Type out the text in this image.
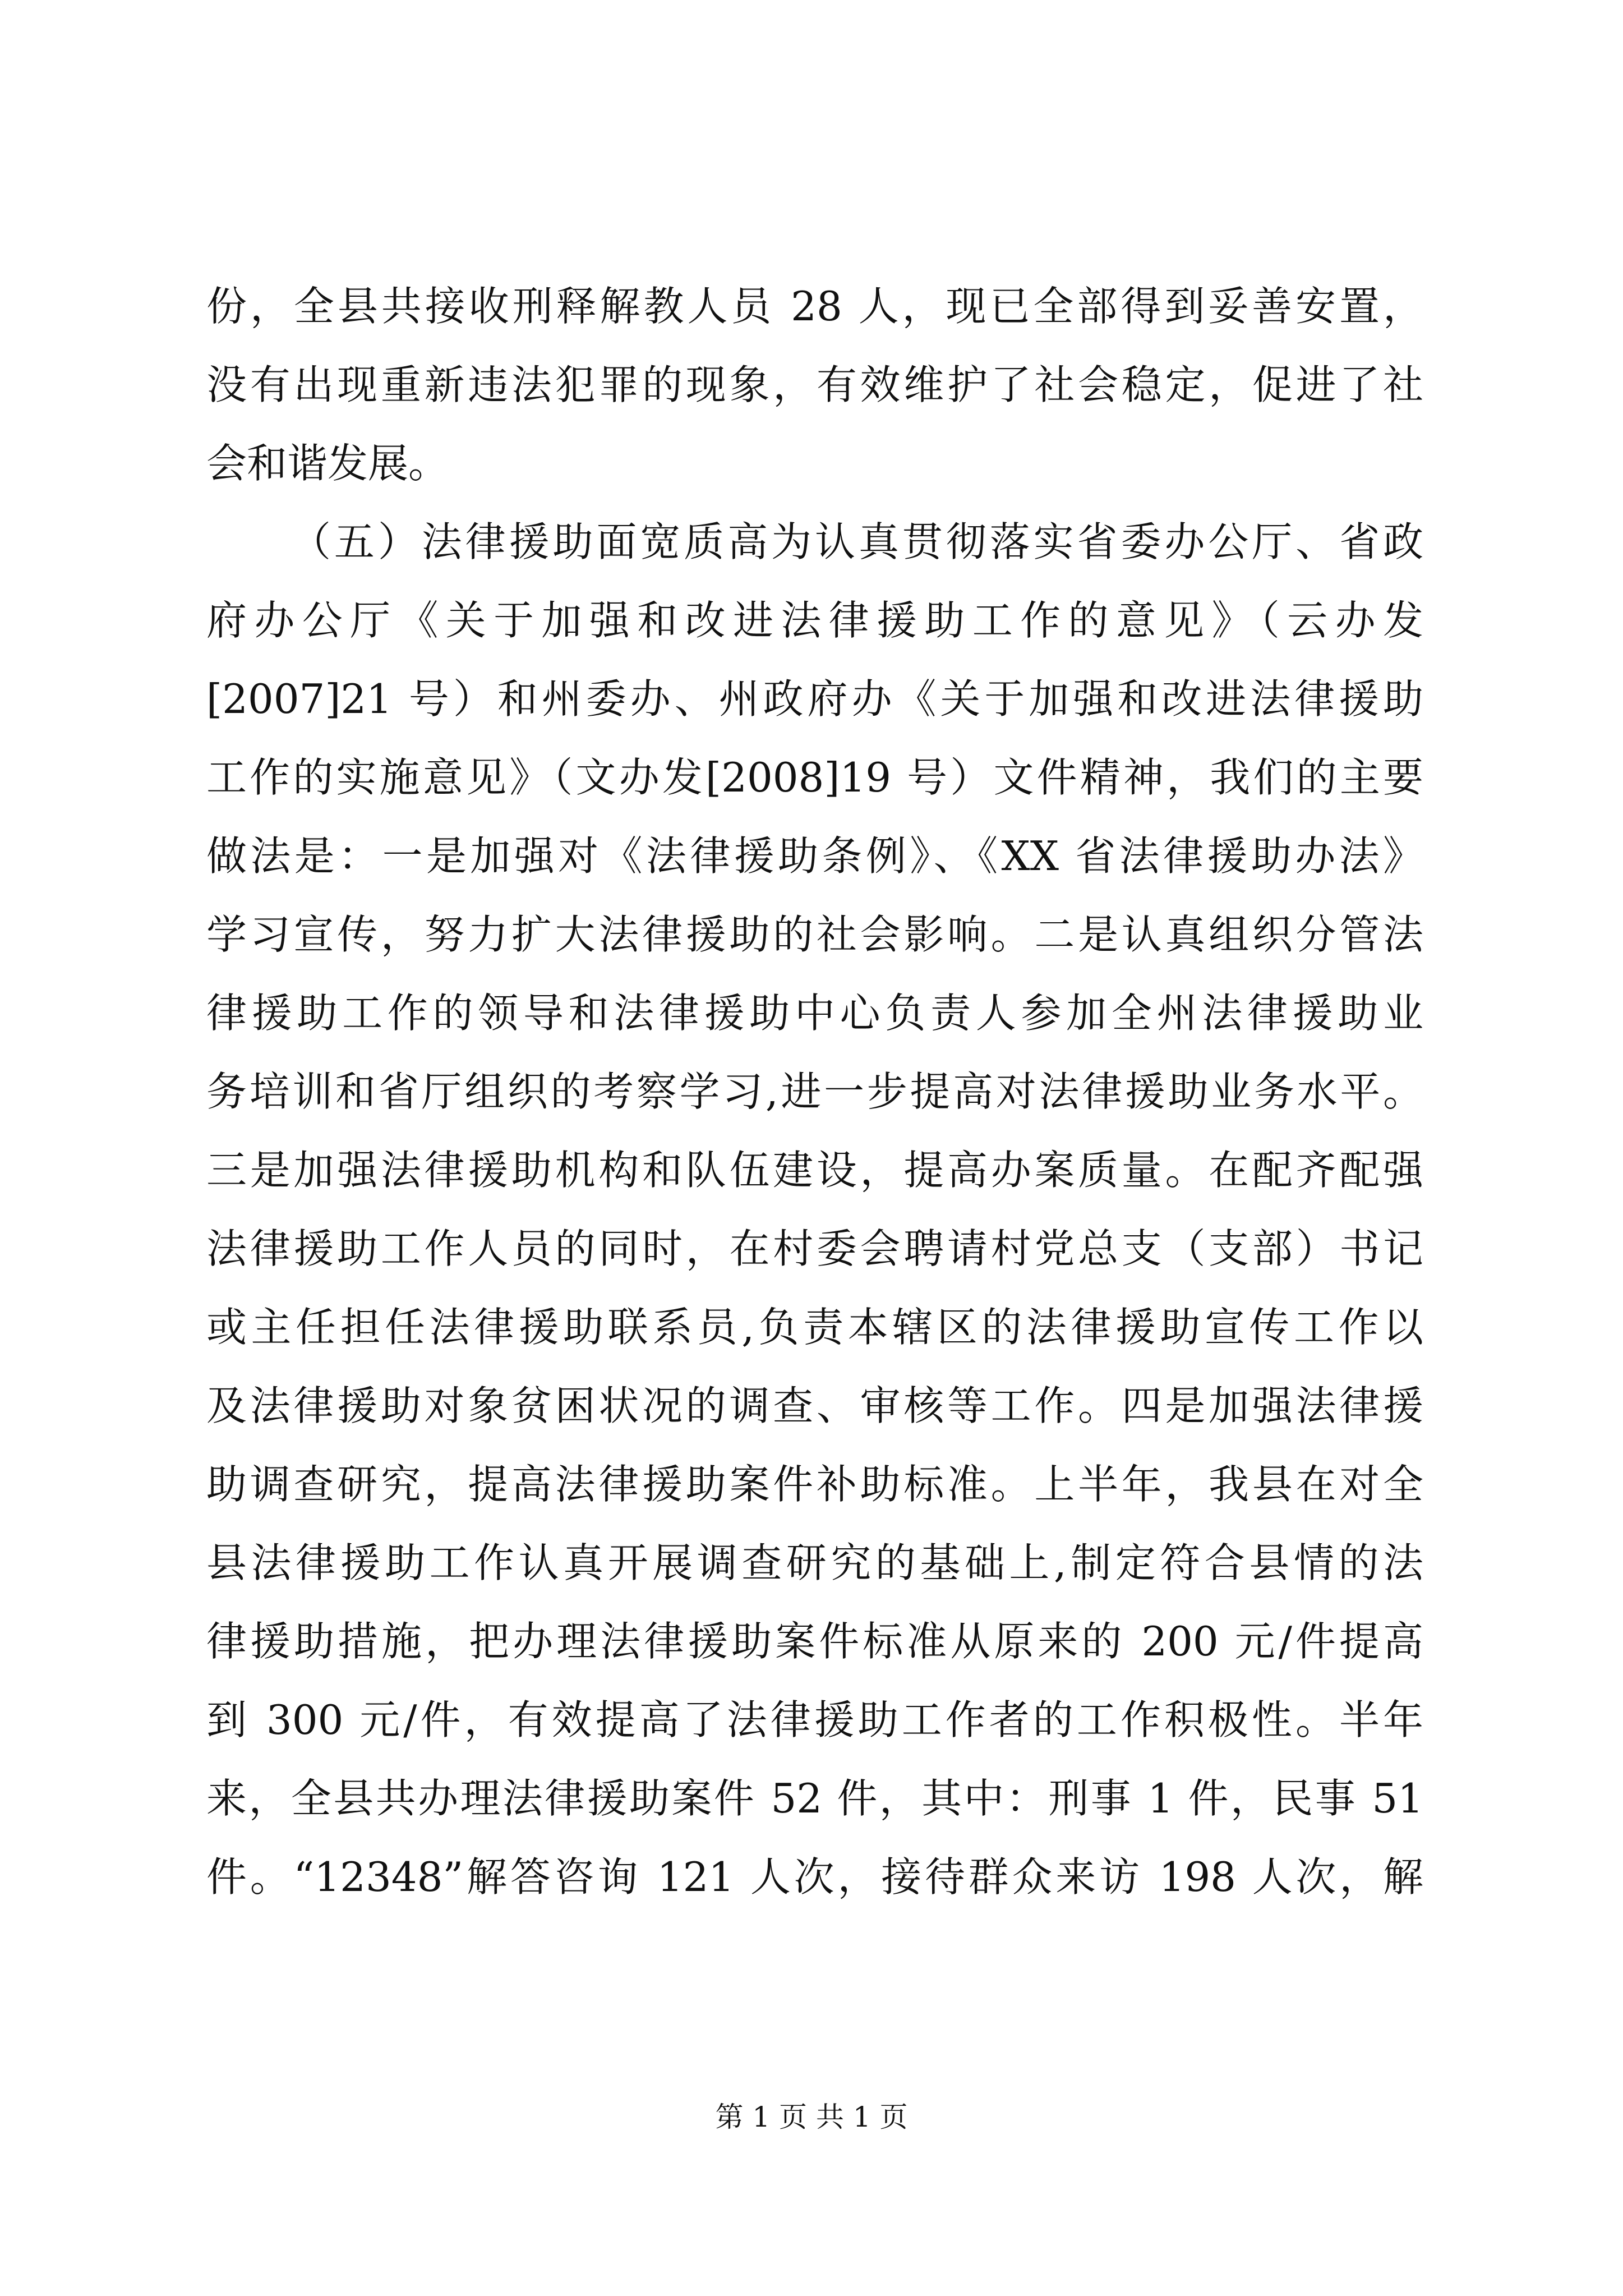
份，全县共接收刑释解教人员 28 人，现已全部得到妥善安置，
没有出现重新违法犯罪的现象，有效维护了社会稳定，促进了社
会和谐发展。
（五）法律援助面宽质高为认真贯彻落实省委办公厅、省政
府办公厅《关于加强和改进法律援助工作的意见》（云办发
[2007]21 号）和州委办、州政府办《关于加强和改进法律援助
工作的实施意见》（文办发[2008]19 号）文件精神，我们的主要
做法是：一是加强对《法律援助条例》、《XX 省法律援助办法》
学习宣传，努力扩大法律援助的社会影响。二是认真组织分管法
律援助工作的领导和法律援助中心负责人参加全州法律援助业
务培训和省厅组织的考察学习,进一步提高对法律援助业务水平。
三是加强法律援助机构和队伍建设，提高办案质量。在配齐配强
法律援助工作人员的同时，在村委会聘请村党总支（支部）书记
或主任担任法律援助联系员,负责本辖区的法律援助宣传工作以
及法律援助对象贫困状况的调查、审核等工作。四是加强法律援
助调查研究，提高法律援助案件补助标准。上半年，我县在对全
县法律援助工作认真开展调查研究的基础上,制定符合县情的法
律援助措施，把办理法律援助案件标准从原来的 200 元/件提高
到 300 元/件，有效提高了法律援助工作者的工作积极性。半年
来，全县共办理法律援助案件 52 件，其中：刑事 1 件，民事 51
件。“12348”解答咨询 121 人次，接待群众来访 198 人次，解
第 1 页 共 1 页
